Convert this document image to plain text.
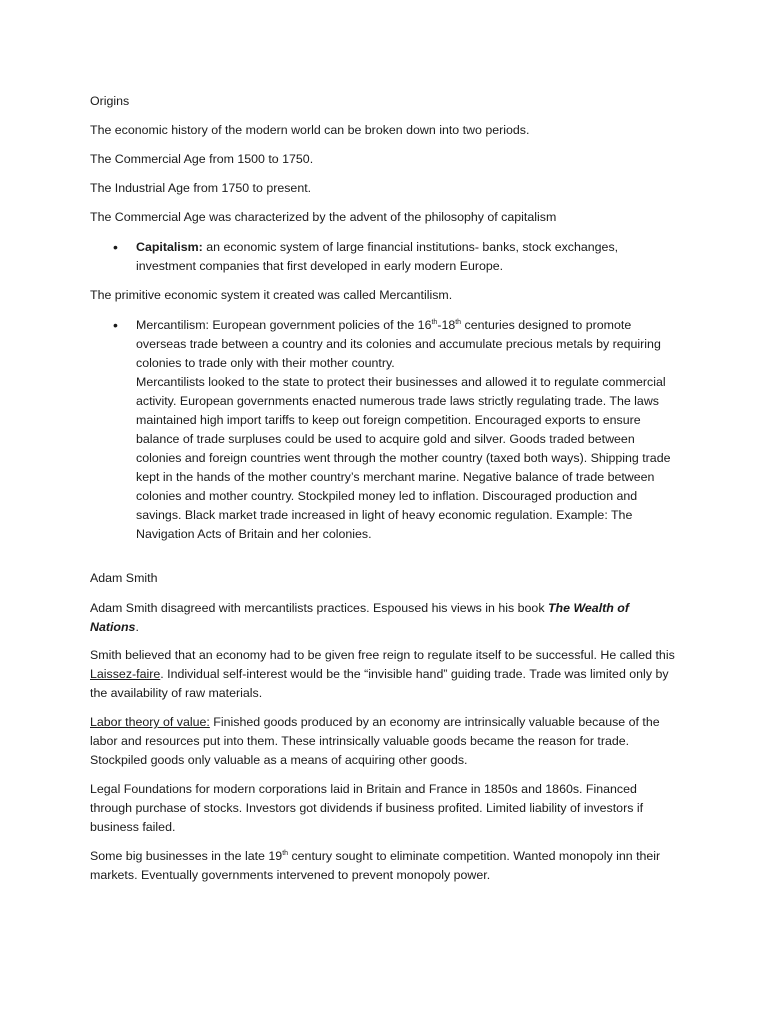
Origins

The economic history of the modern world can be broken down into two periods.

The Commercial Age from 1500 to 1750.

The Industrial Age from 1750 to present.

The Commercial Age was characterized by the advent of the philosophy of capitalism

• Capitalism: an economic system of large financial institutions- banks, stock exchanges, investment companies that first developed in early modern Europe.

The primitive economic system it created was called Mercantilism.

• Mercantilism: European government policies of the 16th-18th centuries designed to promote overseas trade between a country and its colonies and accumulate precious metals by requiring colonies to trade only with their mother country.
Mercantilists looked to the state to protect their businesses and allowed it to regulate commercial activity. European governments enacted numerous trade laws strictly regulating trade. The laws maintained high import tariffs to keep out foreign competition. Encouraged exports to ensure balance of trade surpluses could be used to acquire gold and silver. Goods traded between colonies and foreign countries went through the mother country (taxed both ways). Shipping trade kept in the hands of the mother country’s merchant marine. Negative balance of trade between colonies and mother country. Stockpiled money led to inflation. Discouraged production and savings. Black market trade increased in light of heavy economic regulation. Example: The Navigation Acts of Britain and her colonies.

Adam Smith

Adam Smith disagreed with mercantilists practices. Espoused his views in his book The Wealth of Nations.

Smith believed that an economy had to be given free reign to regulate itself to be successful. He called this Laissez-faire. Individual self-interest would be the “invisible hand” guiding trade. Trade was limited only by the availability of raw materials.

Labor theory of value: Finished goods produced by an economy are intrinsically valuable because of the labor and resources put into them. These intrinsically valuable goods became the reason for trade. Stockpiled goods only valuable as a means of acquiring other goods.

Legal Foundations for modern corporations laid in Britain and France in 1850s and 1860s. Financed through purchase of stocks. Investors got dividends if business profited. Limited liability of investors if business failed.

Some big businesses in the late 19th century sought to eliminate competition. Wanted monopoly inn their markets. Eventually governments intervened to prevent monopoly power.
